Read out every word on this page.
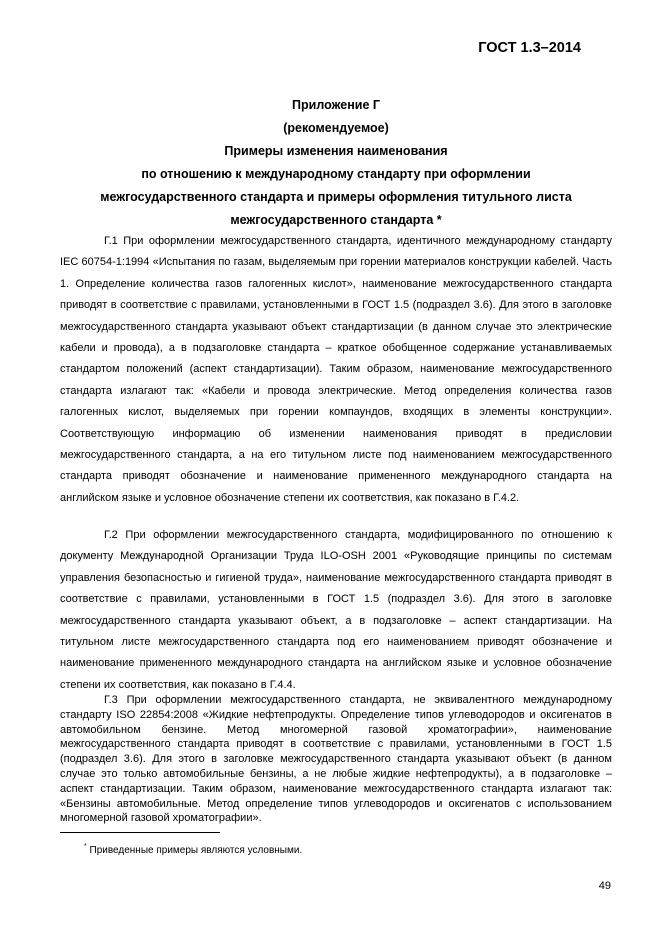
ГОСТ 1.3–2014
Приложение Г
(рекомендуемое)
Примеры изменения наименования
по отношению к международному стандарту при оформлении
межгосударственного стандарта и примеры оформления титульного листа
межгосударственного стандарта *

Г.1 При оформлении межгосударственного стандарта, идентичного международному стандарту IEC 60754-1:1994 «Испытания по газам, выделяемым при горении материалов конструкции кабелей. Часть 1. Определение количества газов галогенных кислот», наименование межгосударственного стандарта приводят в соответствие с правилами, установленными в ГОСТ 1.5 (подраздел 3.6). Для этого в заголовке межгосударственного стандарта указывают объект стандартизации (в данном случае это электрические кабели и провода), а в подзаголовке стандарта – краткое обобщенное содержание устанавливаемых стандартом положений (аспект стандартизации). Таким образом, наименование межгосударственного стандарта излагают так: «Кабели и провода электрические. Метод определения количества газов галогенных кислот, выделяемых при горении компаундов, входящих в элементы конструкции». Соответствующую информацию об изменении наименования приводят в предисловии межгосударственного стандарта, а на его титульном листе под наименованием межгосударственного стандарта приводят обозначение и наименование примененного международного стандарта на английском языке и условное обозначение степени их соответствия, как показано в Г.4.2.

Г.2 При оформлении межгосударственного стандарта, модифицированного по отношению к документу Международной Организации Труда ILO-OSH 2001 «Руководящие принципы по системам управления безопасностью и гигиеной труда», наименование межгосударственного стандарта приводят в соответствие с правилами, установленными в ГОСТ 1.5 (подраздел 3.6). Для этого в заголовке межгосударственного стандарта указывают объект, а в подзаголовке – аспект стандартизации. На титульном листе межгосударственного стандарта под его наименованием приводят обозначение и наименование примененного международного стандарта на английском языке и условное обозначение степени их соответствия, как показано в Г.4.4.

Г.3 При оформлении межгосударственного стандарта, не эквивалентного международному стандарту ISO 22854:2008 «Жидкие нефтепродукты. Определение типов углеводородов и оксигенатов в автомобильном бензине. Метод многомерной газовой хроматографии», наименование межгосударственного стандарта приводят в соответствие с правилами, установленными в ГОСТ 1.5 (подраздел 3.6). Для этого в заголовке межгосударственного стандарта указывают объект (в данном случае это только автомобильные бензины, а не любые жидкие нефтепродукты), а в подзаголовке – аспект стандартизации. Таким образом, наименование межгосударственного стандарта излагают так: «Бензины автомобильные. Метод определение типов углеводородов и оксигенатов с использованием многомерной газовой хроматографии».

* Приведенные примеры являются условными.
49
